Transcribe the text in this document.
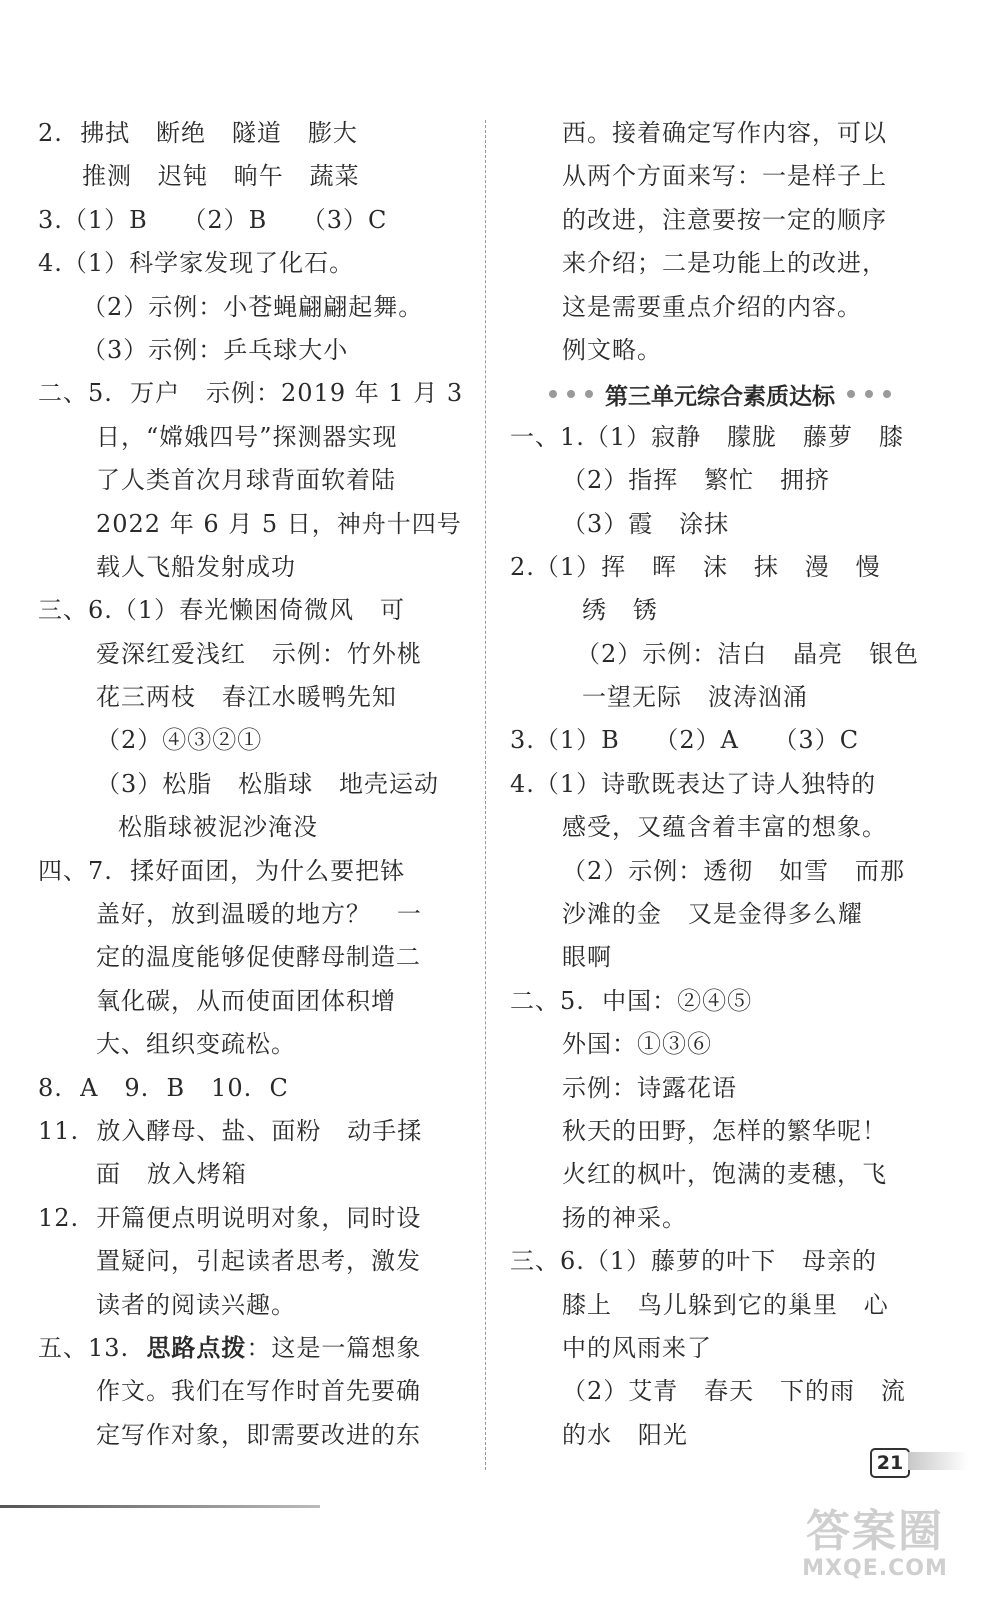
2.  拂拭   断绝   隧道   膨大
推测   迟钝   晌午   蔬菜
3.（1）B    （2）B    （3）C
4.（1）科学家发现了化石。
（2）示例：小苍蝇翩翩起舞。
（3）示例：乒乓球大小
二、5.  万户   示例：2019 年 1 月 3
日，“嫦娥四号”探测器实现
了人类首次月球背面软着陆
2022 年 6 月 5 日，神舟十四号
载人飞船发射成功
三、6.（1）春光懒困倚微风   可
爱深红爱浅红   示例：竹外桃
花三两枝   春江水暖鸭先知
（2）④③②①
（3）松脂   松脂球   地壳运动
松脂球被泥沙淹没
四、7.  揉好面团，为什么要把钵
盖好，放到温暖的地方？   一
定的温度能够促使酵母制造二
氧化碳，从而使面团体积增
大、组织变疏松。
8.  A   9.  B   10.  C
11.  放入酵母、盐、面粉   动手揉
面   放入烤箱
12.  开篇便点明说明对象，同时设
置疑问，引起读者思考，激发
读者的阅读兴趣。
五、13.  思路点拨：这是一篇想象
作文。我们在写作时首先要确
定写作对象，即需要改进的东
西。接着确定写作内容，可以
从两个方面来写：一是样子上
的改进，注意要按一定的顺序
来介绍；二是功能上的改进，
这是需要重点介绍的内容。
例文略。
第三单元综合素质达标
一、1.（1）寂静   朦胧   藤萝   膝
（2）指挥   繁忙   拥挤
（3）霞   涂抹
2.（1）挥   晖   沫   抹   漫   慢
绣   锈
（2）示例：洁白   晶亮   银色
一望无际   波涛汹涌
3.（1）B    （2）A    （3）C
4.（1）诗歌既表达了诗人独特的
感受，又蕴含着丰富的想象。
（2）示例：透彻   如雪   而那
沙滩的金   又是金得多么耀
眼啊
二、5.  中国：②④⑤
外国：①③⑥
示例：诗露花语
秋天的田野，怎样的繁华呢！
火红的枫叶，饱满的麦穗，飞
扬的神采。
三、6.（1）藤萝的叶下   母亲的
膝上   鸟儿躲到它的巢里   心
中的风雨来了
（2）艾青   春天   下的雨   流
的水   阳光
21
答案圈
MXQE.COM
